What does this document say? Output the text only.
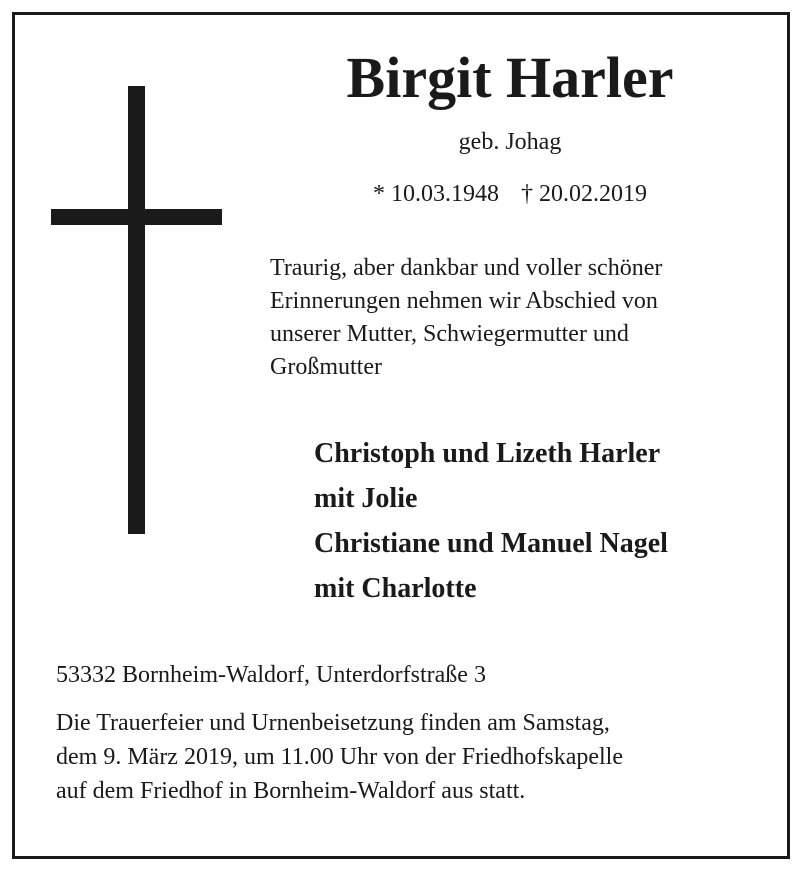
Birgit Harler
geb. Johag
* 10.03.1948 † 20.02.2019
Traurig, aber dankbar und voller schöner
Erinnerungen nehmen wir Abschied von
unserer Mutter, Schwiegermutter und
Großmutter
Christoph und Lizeth Harler
mit Jolie
Christiane und Manuel Nagel
mit Charlotte
53332 Bornheim-Waldorf, Unterdorfstraße 3
Die Trauerfeier und Urnenbeisetzung finden am Samstag,
dem 9. März 2019, um 11.00 Uhr von der Friedhofskapelle
auf dem Friedhof in Bornheim-Waldorf aus statt.
